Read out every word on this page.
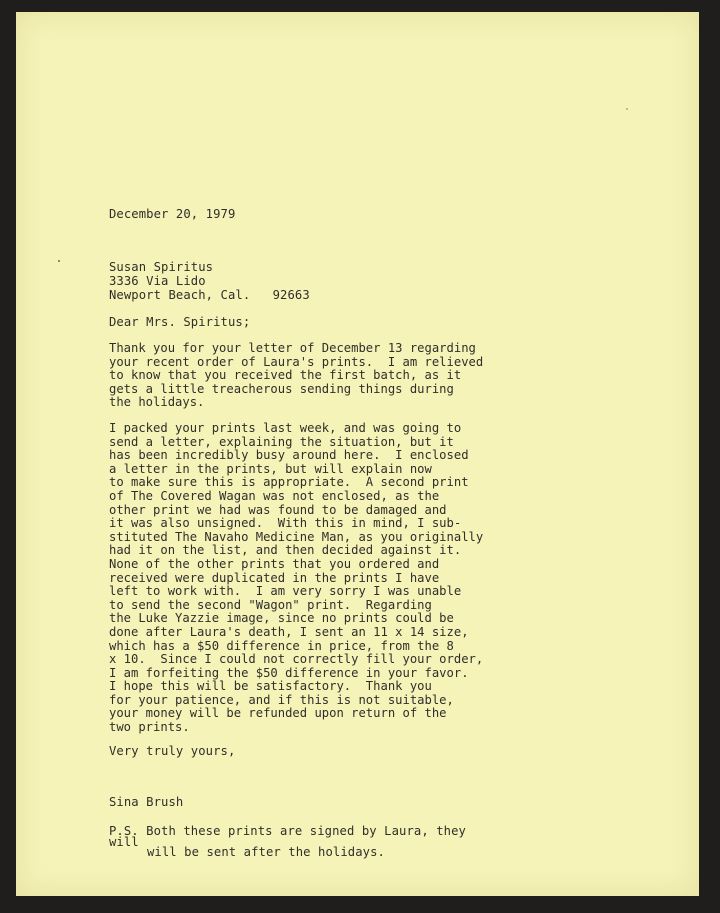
December 20, 1979
Susan Spiritus
3336 Via Lido
Newport Beach, Cal.   92663
Dear Mrs. Spiritus;
Thank you for your letter of December 13 regarding
your recent order of Laura's prints.  I am relieved
to know that you received the first batch, as it
gets a little treacherous sending things during
the holidays.
I packed your prints last week, and was going to
send a letter, explaining the situation, but it
has been incredibly busy around here.  I enclosed
a letter in the prints, but will explain now
to make sure this is appropriate.  A second print
of The Covered Wagan was not enclosed, as the
other print we had was found to be damaged and
it was also unsigned.  With this in mind, I sub-
stituted The Navaho Medicine Man, as you originally
had it on the list, and then decided against it.
None of the other prints that you ordered and
received were duplicated in the prints I have
left to work with.  I am very sorry I was unable
to send the second "Wagon" print.  Regarding
the Luke Yazzie image, since no prints could be
done after Laura's death, I sent an 11 x 14 size,
which has a $50 difference in price, from the 8
x 10.  Since I could not correctly fill your order,
I am forfeiting the $50 difference in your favor.
I hope this will be satisfactory.  Thank you
for your patience, and if this is not suitable,
your money will be refunded upon return of the
two prints.
Very truly yours,
Sina Brush
P.S. Both these prints are signed by Laura, they
will
will be sent after the holidays.
